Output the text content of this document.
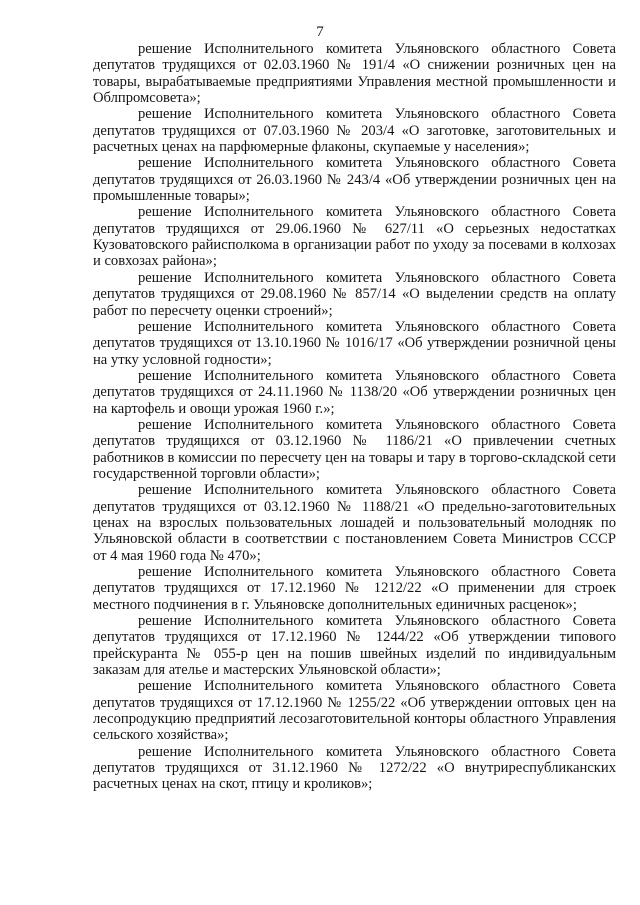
7

решение Исполнительного комитета Ульяновского областного Совета депутатов трудящихся от 02.03.1960 № 191/4 «О снижении розничных цен на товары, вырабатываемые предприятиями Управления местной промышленности и Облпромсовета»;

решение Исполнительного комитета Ульяновского областного Совета депутатов трудящихся от 07.03.1960 № 203/4 «О заготовке, заготовительных и расчетных ценах на парфюмерные флаконы, скупаемые у населения»;

решение Исполнительного комитета Ульяновского областного Совета депутатов трудящихся от 26.03.1960 № 243/4 «Об утверждении розничных цен на промышленные товары»;

решение Исполнительного комитета Ульяновского областного Совета депутатов трудящихся от 29.06.1960 № 627/11 «О серьезных недостатках Кузоватовского райисполкома в организации работ по уходу за посевами в колхозах и совхозах района»;

решение Исполнительного комитета Ульяновского областного Совета депутатов трудящихся от 29.08.1960 № 857/14 «О выделении средств на оплату работ по пересчету оценки строений»;

решение Исполнительного комитета Ульяновского областного Совета депутатов трудящихся от 13.10.1960 № 1016/17 «Об утверждении розничной цены на утку условной годности»;

решение Исполнительного комитета Ульяновского областного Совета депутатов трудящихся от 24.11.1960 № 1138/20 «Об утверждении розничных цен на картофель и овощи урожая 1960 г.»;

решение Исполнительного комитета Ульяновского областного Совета депутатов трудящихся от 03.12.1960 № 1186/21 «О привлечении счетных работников в комиссии по пересчету цен на товары и тару в торгово-складской сети государственной торговли области»;

решение Исполнительного комитета Ульяновского областного Совета депутатов трудящихся от 03.12.1960 № 1188/21 «О предельно-заготовительных ценах на взрослых пользовательных лошадей и пользовательный молодняк по Ульяновской области в соответствии с постановлением Совета Министров СССР от 4 мая 1960 года № 470»;

решение Исполнительного комитета Ульяновского областного Совета депутатов трудящихся от 17.12.1960 № 1212/22 «О применении для строек местного подчинения в г. Ульяновске дополнительных единичных расценок»;

решение Исполнительного комитета Ульяновского областного Совета депутатов трудящихся от 17.12.1960 № 1244/22 «Об утверждении типового прейскуранта № 055-р цен на пошив швейных изделий по индивидуальным заказам для ателье и мастерских Ульяновской области»;

решение Исполнительного комитета Ульяновского областного Совета депутатов трудящихся от 17.12.1960 № 1255/22 «Об утверждении оптовых цен на лесопродукцию предприятий лесозаготовительной конторы областного Управления сельского хозяйства»;

решение Исполнительного комитета Ульяновского областного Совета депутатов трудящихся от 31.12.1960 № 1272/22 «О внутриреспубликанских расчетных ценах на скот, птицу и кроликов»;
